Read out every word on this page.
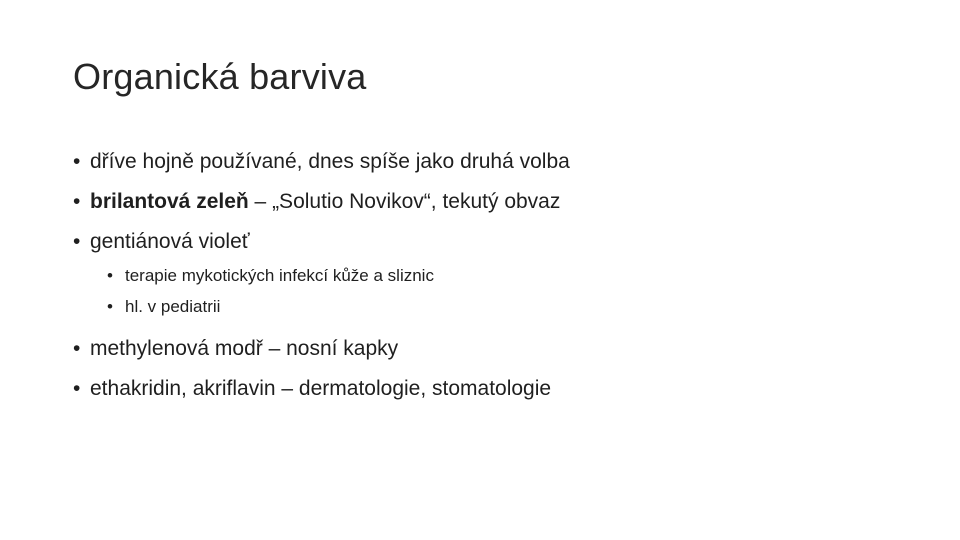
Organická barviva
• dříve hojně používané, dnes spíše jako druhá volba
• brilantová zeleň – „Solutio Novikov“, tekutý obvaz
• gentiánová violeť
• terapie mykotických infekcí kůže a sliznic
• hl. v pediatrii
• methylenová modř – nosní kapky
• ethakridin, akriflavin – dermatologie, stomatologie
